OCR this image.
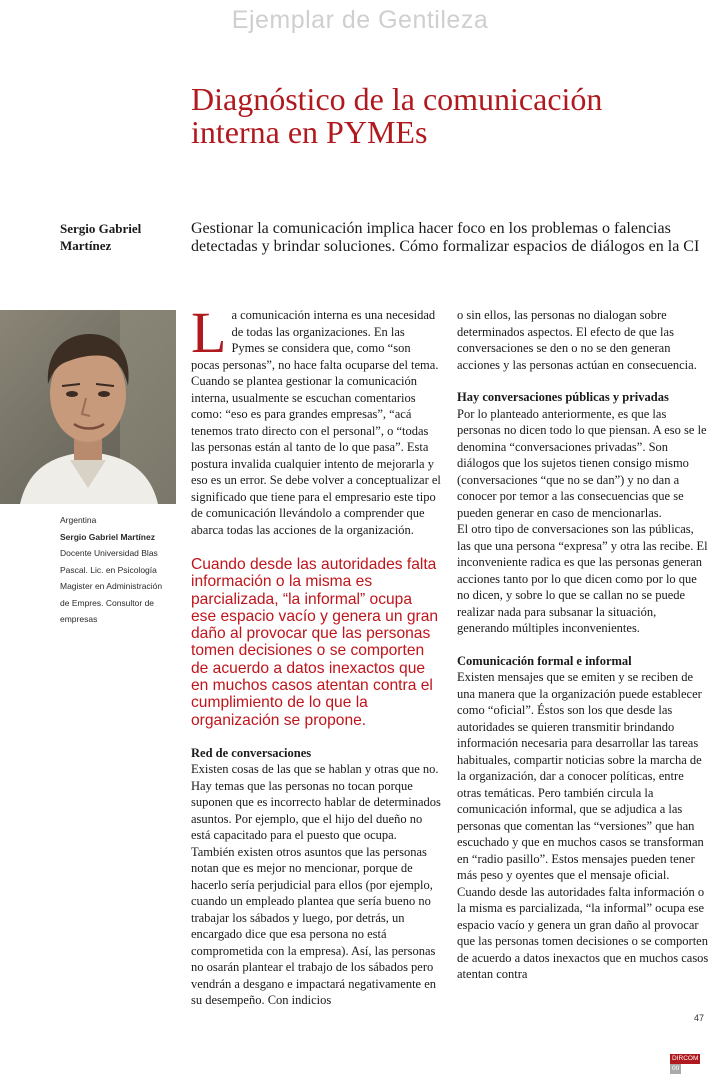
Ejemplar de Gentileza
Diagnóstico de la comunicación
interna en PYMEs
Sergio Gabriel
Martínez

Gestionar la comunicación implica hacer foco en los problemas o falencias detectadas y brindar soluciones. Cómo formalizar espacios de diálogos en la CI

Argentina
Sergio Gabriel Martínez
Docente Universidad Blas
Pascal. Lic. en Psicología
Magister en Administración
de Empres. Consultor de
empresas

La comunicación interna es una necesidad de todas las organizaciones. En las Pymes se considera que, como “son pocas personas”, no hace falta ocuparse del tema. Cuando se plantea gestionar la comunicación interna, usualmente se escuchan comentarios como: “eso es para grandes empresas”, “acá tenemos trato directo con el personal”, o “todas las personas están al tanto de lo que pasa”. Esta postura invalida cualquier intento de mejorarla y eso es un error. Se debe volver a conceptualizar el significado que tiene para el empresario este tipo de comunicación llevándolo a comprender que abarca todas las acciones de la organización.

Cuando desde las autoridades falta información o la misma es parcializada, “la informal” ocupa ese espacio vacío y genera un gran daño al provocar que las personas tomen decisiones o se comporten de acuerdo a datos inexactos que en muchos casos atentan contra el cumplimiento de lo que la organización se propone.

Red de conversaciones

Existen cosas de las que se hablan y otras que no. Hay temas que las personas no tocan porque suponen que es incorrecto hablar de determinados asuntos. Por ejemplo, que el hijo del dueño no está capacitado para el puesto que ocupa. También existen otros asuntos que las personas notan que es mejor no mencionar, porque de hacerlo sería perjudicial para ellos (por ejemplo, cuando un empleado plantea que sería bueno no trabajar los sábados y luego, por detrás, un encargado dice que esa persona no está comprometida con la empresa). Así, las personas no osarán plantear el trabajo de los sábados pero vendrán a desgano e impactará negativamente en su desempeño. Con indicios

o sin ellos, las personas no dialogan sobre determinados aspectos. El efecto de que las conversaciones se den o no se den generan acciones y las personas actúan en consecuencia.

Hay conversaciones públicas y privadas

Por lo planteado anteriormente, es que las personas no dicen todo lo que piensan. A eso se le denomina “conversaciones privadas”. Son diálogos que los sujetos tienen consigo mismo (conversaciones “que no se dan”) y no dan a conocer por temor a las consecuencias que se pueden generar en caso de mencionarlas.

El otro tipo de conversaciones son las públicas, las que una persona “expresa” y otra las recibe. El inconveniente radica es que las personas generan acciones tanto por lo que dicen como por lo que no dicen, y sobre lo que se callan no se puede realizar nada para subsanar la situación, generando múltiples inconvenientes.

Comunicación formal e informal

Existen mensajes que se emiten y se reciben de una manera que la organización puede establecer como “oficial”. Éstos son los que desde las autoridades se quieren transmitir brindando información necesaria para desarrollar las tareas habituales, compartir noticias sobre la marcha de la organización, dar a conocer políticas, entre otras temáticas. Pero también circula la comunicación informal, que se adjudica a las personas que comentan las “versiones” que han escuchado y que en muchos casos se transforman en “radio pasillo”. Estos mensajes pueden tener más peso y oyentes que el mensaje oficial.

Cuando desde las autoridades falta información o la misma es parcializada, “la informal” ocupa ese espacio vacío y genera un gran daño al provocar que las personas tomen decisiones o se comporten de acuerdo a datos inexactos que en muchos casos atentan contra

47
DIRCOM00
